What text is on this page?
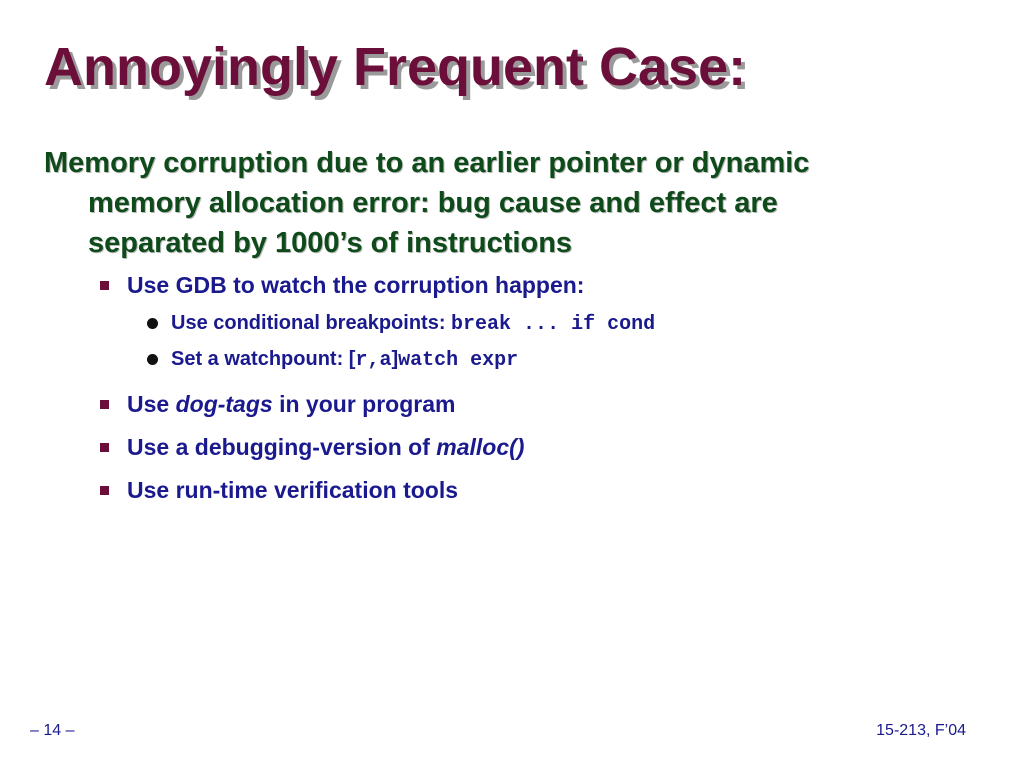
Annoyingly Frequent Case:
Memory corruption due to an earlier pointer or dynamic
memory allocation error: bug cause and effect are
separated by 1000’s of instructions
Use GDB to watch the corruption happen:
Use conditional breakpoints: break ... if cond
Set a watchpount: [r,a]watch expr
Use dog-tags in your program
Use a debugging-version of malloc()
Use run-time verification tools
– 14 –	15-213, F’04
